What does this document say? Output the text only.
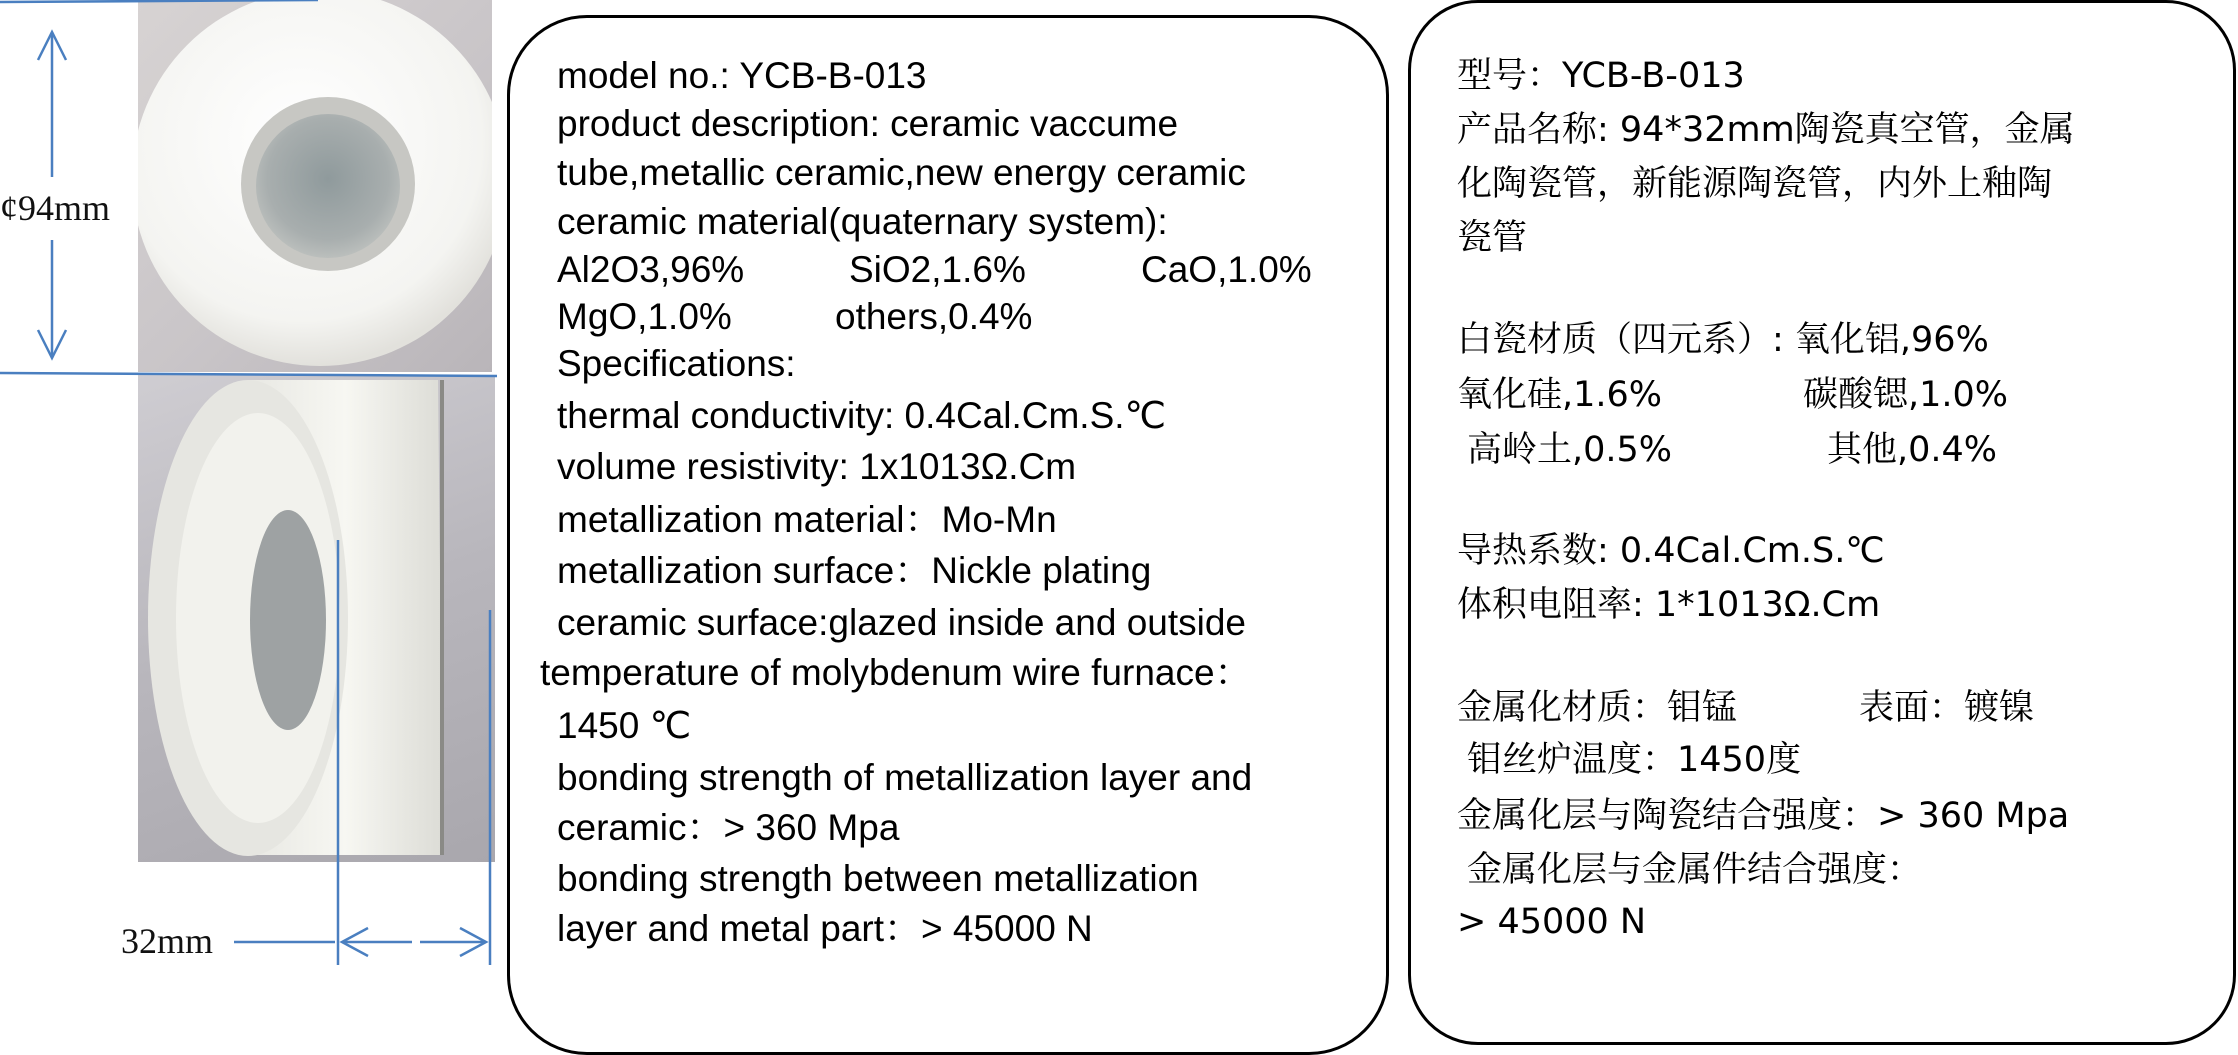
¢94mm
32mm
model no.: YCB-B-013
product description: ceramic vaccume
tube,metallic ceramic,new energy ceramic
ceramic material(quaternary system):
Al2O3,96%	SiO2,1.6%	CaO,1.0%
MgO,1.0%	others,0.4%
Specifications:
thermal conductivity: 0.4Cal.Cm.S.℃
volume resistivity: 1x1013Ω.Cm
metallization material：Mo-Mn
metallization surface：Nickle plating
ceramic surface:glazed inside and outside
temperature of molybdenum wire furnace：
1450 ℃
bonding strength of metallization layer and
ceramic：> 360 Mpa
bonding strength between metallization
layer and metal part：> 45000 N
型号：YCB-B-013
产品名称: 94*32mm陶瓷真空管，金属
化陶瓷管，新能源陶瓷管，内外上釉陶
瓷管
白瓷材质（四元系）: 氧化铝,96%
氧化硅,1.6%	碳酸锶,1.0%
高岭土,0.5%	其他,0.4%
导热系数: 0.4Cal.Cm.S.℃
体积电阻率: 1*1013Ω.Cm
金属化材质：钼锰	表面：镀镍
钼丝炉温度：1450度
金属化层与陶瓷结合强度：> 360 Mpa
金属化层与金属件结合强度：
> 45000 N
